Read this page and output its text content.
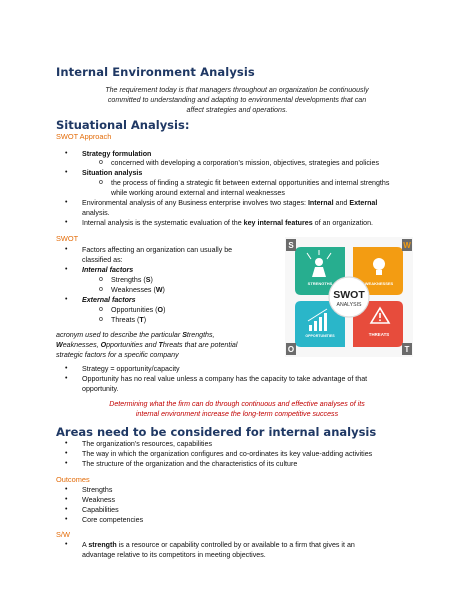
Internal Environment Analysis
The requirement today is that managers throughout an organization be continuously
committed to understanding and adapting to environmental developments that can
affect strategies and operations.
Situational Analysis:
SWOT Approach
• Strategy formulation
o concerned with developing a corporation’s mission, objectives, strategies and policies
• Situation analysis
o the process of finding a strategic fit between external opportunities and internal strengths
while working around external and internal weaknesses
• Environmental analysis of any Business enterprise involves two stages: Internal and External
analysis.
• Internal analysis is the systematic evaluation of the key internal features of an organization.
SWOT
• Factors affecting an organization can usually be
classified as:
• Internal factors
o Strengths (S)
o Weaknesses (W)
• External factors
o Opportunities (O)
o Threats (T)
acronym used to describe the particular Strengths,
Weaknesses, Opportunities and Threats that are potential
strategic factors for a specific company
• Strategy = opportunity/capacity
• Opportunity has no real value unless a company has the capacity to take advantage of that
opportunity.
Determining what the firm can do through continuous and effective analyses of its
internal environment increase the long-term competitive success
Areas need to be considered for internal analysis
• The organization’s resources, capabilities
• The way in which the organization configures and co-ordinates its key value-adding activities
• The structure of the organization and the characteristics of its culture
Outcomes
• Strengths
• Weakness
• Capabilities
• Core competencies
S/W
• A strength is a resource or capability controlled by or available to a firm that gives it an
advantage relative to its competitors in meeting objectives.
STRENGTHS	WEAKNESSES
OPPORTUNITIES	THREATS
SWOT
ANALYSIS
S	W
O	T
